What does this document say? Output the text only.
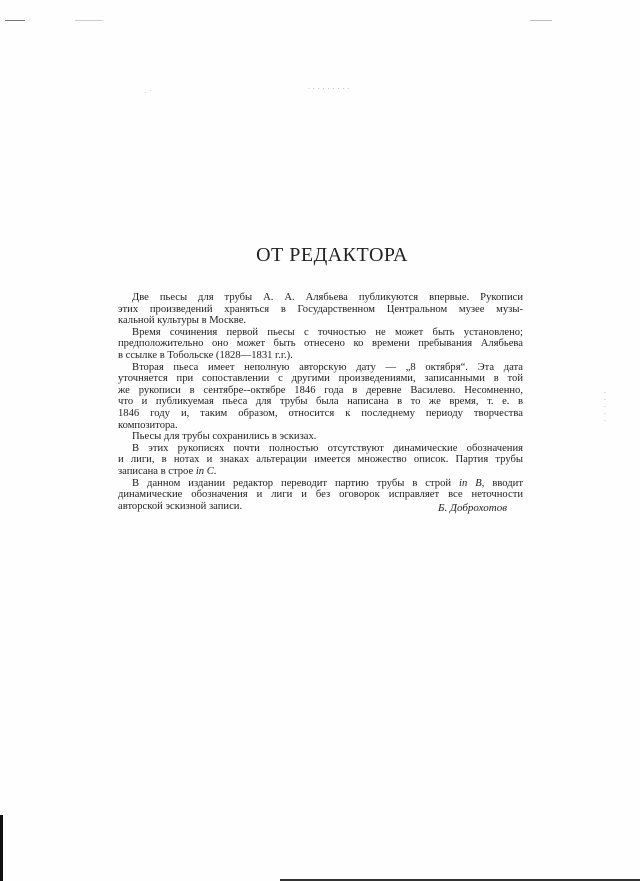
.........
.·
·
·
·
·
·
ОТ РЕДАКТОРА

Две пьесы для трубы А. А. Алябьева публикуются впервые. Рукописи
этих произведений храняться в Государственном Центральном музее музы-
кальной культуры в Москве.

Время сочинения первой пьесы с точностью не может быть установлено;
предположительно оно может быть отнесено ко времени пребывания Алябьева
в ссылке в Тобольске (1828—1831 г.г.).

Вторая пьеса имеет неполную авторскую дату — „8 октября“. Эта дата
уточняется при сопоставлении с другими произведениями, записанными в той
же рукописи в сентябре--октябре 1846 года в деревне Василево. Несомненно,
что и публикуемая пьеса для трубы была написана в то же время, т. е. в
1846 году и, таким образом, относится к последнему периоду творчества
композитора.

Пьесы для трубы сохранились в эскизах.

В этих рукописях почти полностью отсутствуют динамические обозначения
и лиги, в нотах и знаках альтерации имеется множество описок. Партия трубы
записана в строе in C.

В данном издании редактор переводит партию трубы в строй in B, вводит
динамические обозначения и лиги и без оговорок исправляет все неточности
авторской эскизной записи.	Б. Доброхотов
